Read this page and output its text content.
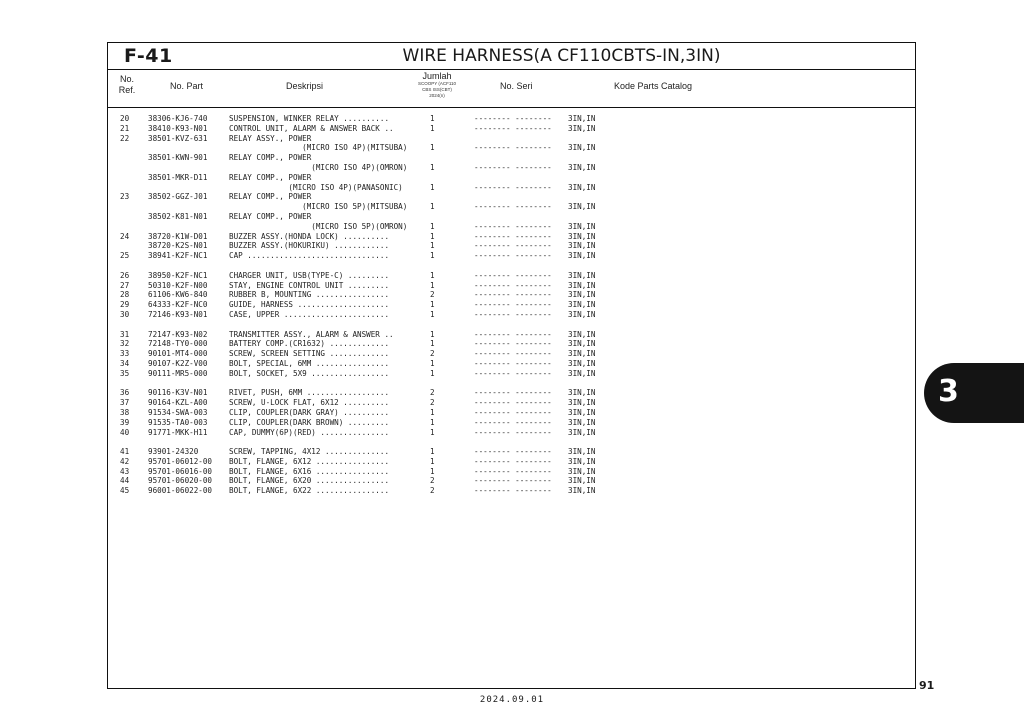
F-41	WIRE HARNESS(A CF110CBTS-IN,3IN)
No.
Ref.	No. Part	Deskripsi
Jumlah
SCOOPY (ACF110
CBS ISS(CBT)
2024(n)
No. Seri	Kode Parts Catalog
20 38306-KJ6-740	SUSPENSION, WINKER RELAY ..........	1	-------- -------- 3IN,IN
21 38410-K93-N01	CONTROL UNIT, ALARM & ANSWER BACK ..	1	-------- -------- 3IN,IN
22 38501-KVZ-631	RELAY ASSY., POWER
(MICRO ISO 4P)(MITSUBA)	1	-------- -------- 3IN,IN
38501-KWN-901	RELAY COMP., POWER
(MICRO ISO 4P)(OMRON)	1	-------- -------- 3IN,IN
38501-MKR-D11	RELAY COMP., POWER
(MICRO ISO 4P)(PANASONIC)	1	-------- -------- 3IN,IN
23 38502-GGZ-J01	RELAY COMP., POWER
(MICRO ISO 5P)(MITSUBA)	1	-------- -------- 3IN,IN
38502-K81-N01	RELAY COMP., POWER
(MICRO ISO 5P)(OMRON)	1	-------- -------- 3IN,IN
24 38720-K1W-D01	BUZZER ASSY.(HONDA LOCK) ..........	1	-------- -------- 3IN,IN
38720-K2S-N01	BUZZER ASSY.(HOKURIKU) ............	1	-------- -------- 3IN,IN
25 38941-K2F-NC1	CAP ...............................	1	-------- -------- 3IN,IN
26 38950-K2F-NC1	CHARGER UNIT, USB(TYPE-C) .........	1	-------- -------- 3IN,IN
27 50310-K2F-N00	STAY, ENGINE CONTROL UNIT .........	1	-------- -------- 3IN,IN
28 61106-KW6-840	RUBBER B, MOUNTING ................	2	-------- -------- 3IN,IN
29 64333-K2F-NC0	GUIDE, HARNESS ....................	1	-------- -------- 3IN,IN
30 72146-K93-N01	CASE, UPPER .......................	1	-------- -------- 3IN,IN
31 72147-K93-N02	TRANSMITTER ASSY., ALARM & ANSWER ..	1	-------- -------- 3IN,IN
32 72148-TY0-000	BATTERY COMP.(CR1632) .............	1	-------- -------- 3IN,IN
33 90101-MT4-000	SCREW, SCREEN SETTING .............	2	-------- -------- 3IN,IN
34 90107-K2Z-V00	BOLT, SPECIAL, 6MM ................	1	-------- -------- 3IN,IN
35 90111-MR5-000	BOLT, SOCKET, 5X9 .................	1	-------- -------- 3IN,IN
36 90116-K3V-N01	RIVET, PUSH, 6MM ..................	2	-------- -------- 3IN,IN
37 90164-KZL-A00	SCREW, U-LOCK FLAT, 6X12 ..........	2	-------- -------- 3IN,IN
38 91534-SWA-003	CLIP, COUPLER(DARK GRAY) ..........	1	-------- -------- 3IN,IN
39 91535-TA0-003	CLIP, COUPLER(DARK BROWN) .........	1	-------- -------- 3IN,IN
40 91771-MKK-H11	CAP, DUMMY(6P)(RED) ...............	1	-------- -------- 3IN,IN
41 93901-24320	SCREW, TAPPING, 4X12 ..............	1	-------- -------- 3IN,IN
42 95701-06012-00 BOLT, FLANGE, 6X12 ................	1	-------- -------- 3IN,IN
43 95701-06016-00 BOLT, FLANGE, 6X16 ................	1	-------- -------- 3IN,IN
44 95701-06020-00 BOLT, FLANGE, 6X20 ................	2	-------- -------- 3IN,IN
45 96001-06022-00 BOLT, FLANGE, 6X22 ................	2	-------- -------- 3IN,IN
3
91
2024.09.01
